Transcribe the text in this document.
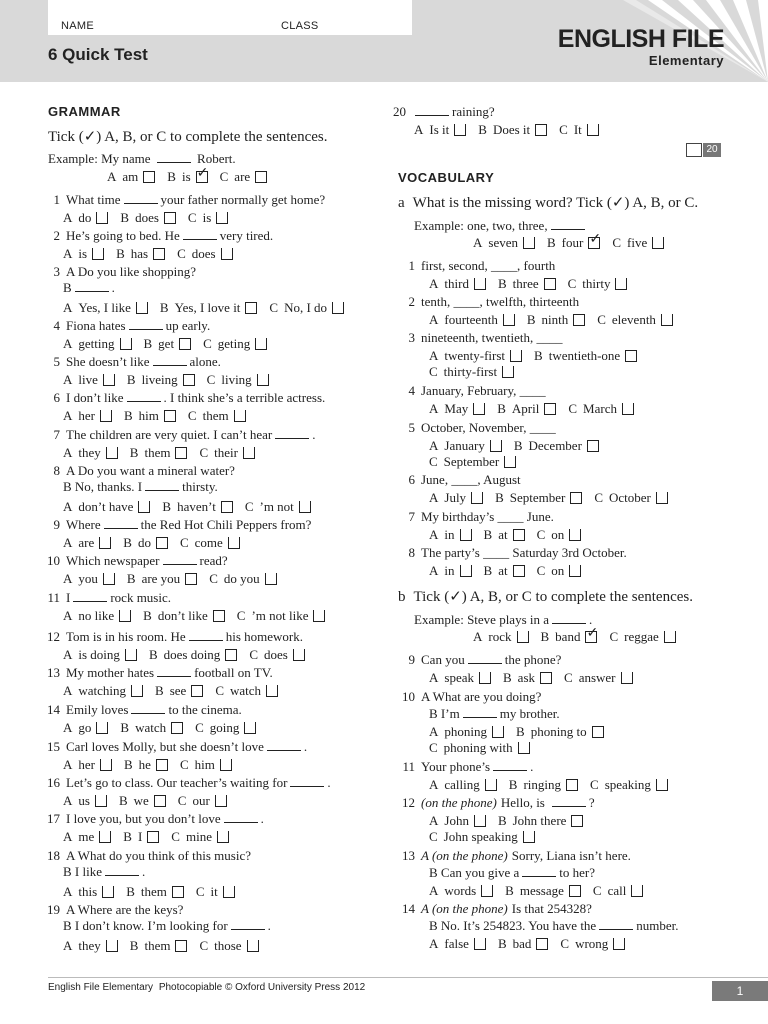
NAME	CLASS
6 Quick Test
ENGLISH FILE
Elementary
GRAMMAR
Tick (✓) A, B, or C to complete the sentences.
Example: My name	Robert.
A am B is ✓ C are
1 What time	your father normally get home?
A do B does C is
2 He’s going to bed. He	very tired.
A is B has C does
3 A Do you like shopping?
B	.
A Yes, I like B Yes, I love it C No, I do
4 Fiona hates	up early.
A getting B get C geting
5 She doesn’t like	alone.
A live B liveing C living
6 I don’t like	. I think she’s a terrible actress.
A her B him C them
7 The children are very quiet. I can’t hear	.
A they B them C their
8 A Do you want a mineral water?
B No, thanks. I	thirsty.
A don’t have B haven’t C ’m not
9 Where	the Red Hot Chili Peppers from?
A are B do C come
10 Which newspaper	read?
A you B are you C do you
11 I	rock music.
A no like B don’t like C ’m not like
12 Tom is in his room. He	his homework.
A is doing B does doing C does
13 My mother hates	football on TV.
A watching B see C watch
14 Emily loves	to the cinema.
A go B watch C going
15 Carl loves Molly, but she doesn’t love	.
A her B he C him
16 Let’s go to class. Our teacher’s waiting for	.
A us B we C our
17 I love you, but you don’t love	.
A me B I C mine
18 A What do you think of this music?
B I like	.
A this B them C it
19 A Where are the keys?
B I don’t know. I’m looking for	.
A they B them C those
20	raining?
A Is it B Does it C It
a What is the missing word? Tick (✓) A, B, or C.
Example: one, two, three,
A seven B four ✓ C five
1 first, second, ____, fourth
A third B three C thirty
2 tenth, ____, twelfth, thirteenth
A fourteenth B ninth C eleventh
3 nineteenth, twentieth, ____
A twenty-first B twentieth-one
C thirty-first
4 January, February, ____
A May B April C March
5 October, November, ____
A January B December
C September
6 June, ____, August
A July B September C October
7 My birthday’s ____ June.
A in B at C on
8 The party’s ____ Saturday 3rd October.
A in B at C on
b Tick (✓) A, B, or C to complete the sentences.
Example: Steve plays in a	.
A rock B band ✓ C reggae
9 Can you	the phone?
A speak B ask C answer
10 A What are you doing?
B I’m	my brother.
A phoning B phoning to
C phoning with
11 Your phone’s	.
A calling B ringing C speaking
12 (on the phone) Hello, is	?
A John B John there
C John speaking
13 A (on the phone) Sorry, Liana isn’t here.
B Can you give a	to her?
A words B message C call
14 A (on the phone) Is that 254328?
B No. It’s 254823. You have the	number.
A false B bad C wrong
20
VOCABULARY
English File Elementary Photocopiable © Oxford University Press 2012	1
